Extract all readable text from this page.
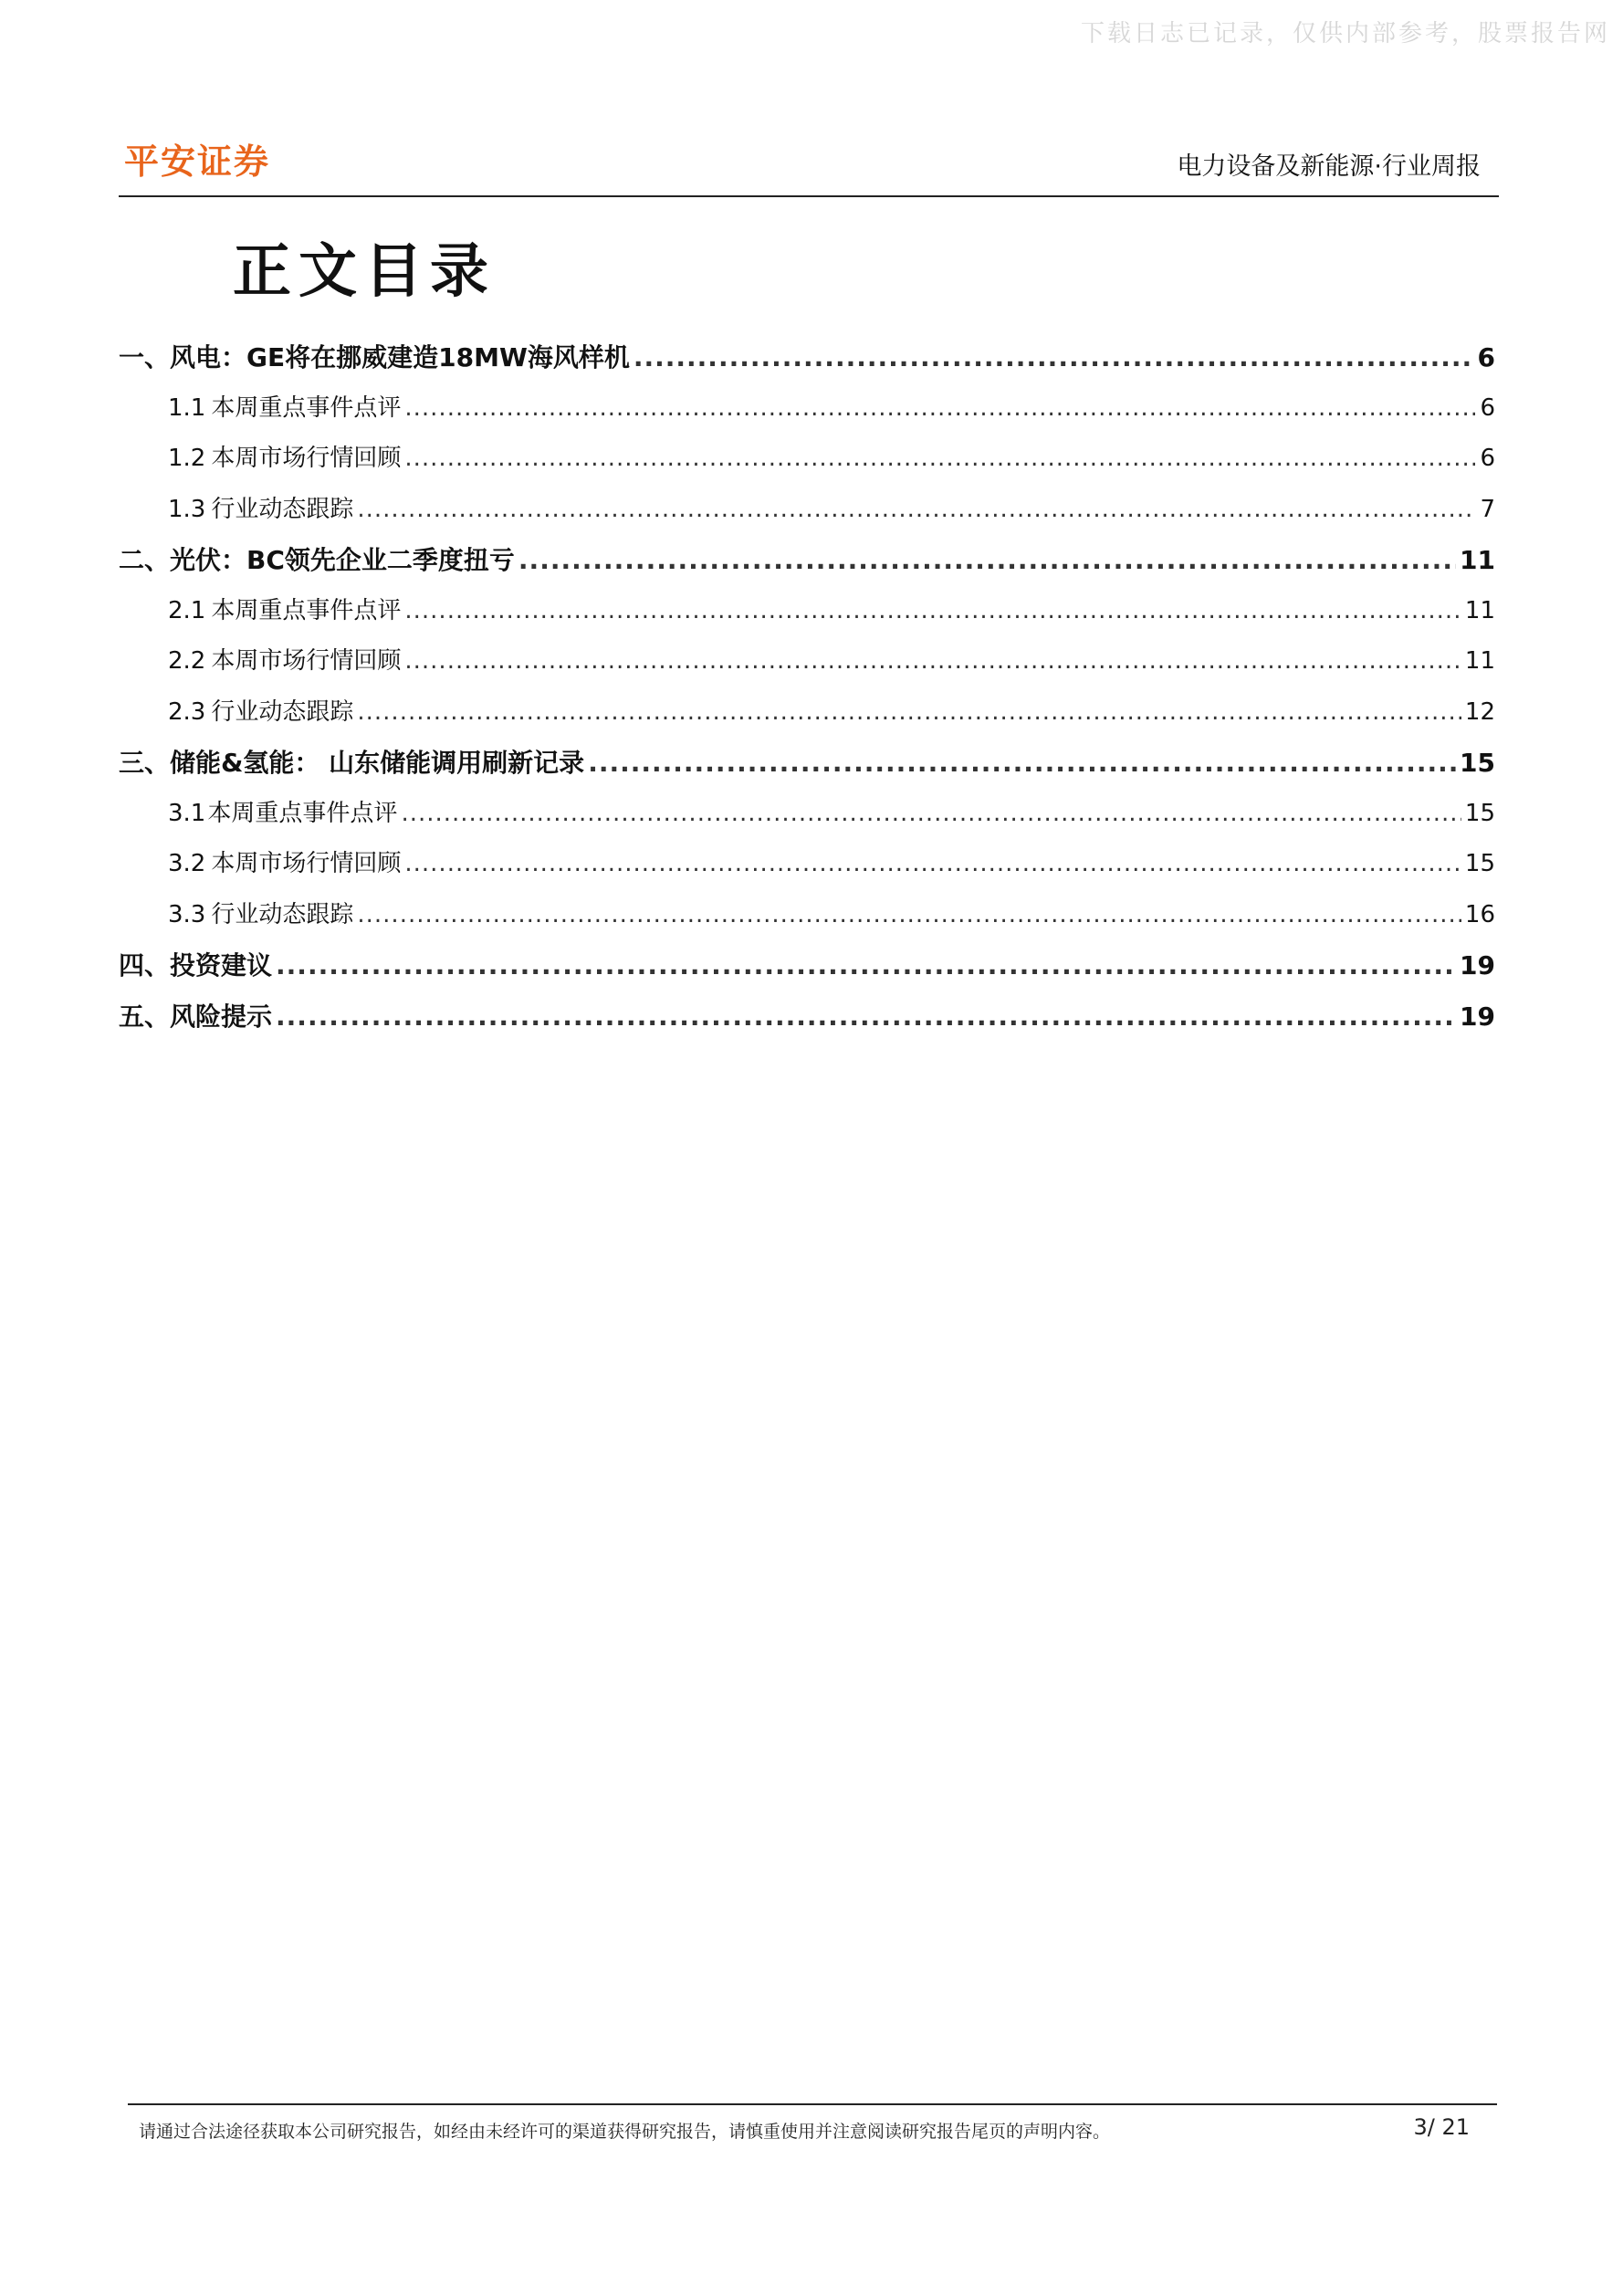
下载日志已记录，仅供内部参考，股票报告网
平安证券	电力设备及新能源·行业周报
正文目录
一、 风电：GE将在挪威建造18MW海风样机 .....	6
1.1 本周重点事件点评 .....	6
1.2 本周市场行情回顾 .....	6
1.3 行业动态跟踪 .....	7
二、 光伏：BC领先企业二季度扭亏 .....	11
2.1 本周重点事件点评 .....	11
2.2 本周市场行情回顾 .....	11
2.3 行业动态跟踪 .....	12
三、 储能&氢能： 山东储能调用刷新记录 .....	15
3.1 本周重点事件点评 .....	15
3.2 本周市场行情回顾 .....	15
3.3 行业动态跟踪 .....	16
四、 投资建议 .....	19
五、 风险提示 .....	19
请通过合法途径获取本公司研究报告，如经由未经许可的渠道获得研究报告，请慎重使用并注意阅读研究报告尾页的声明内容。	3/ 21
